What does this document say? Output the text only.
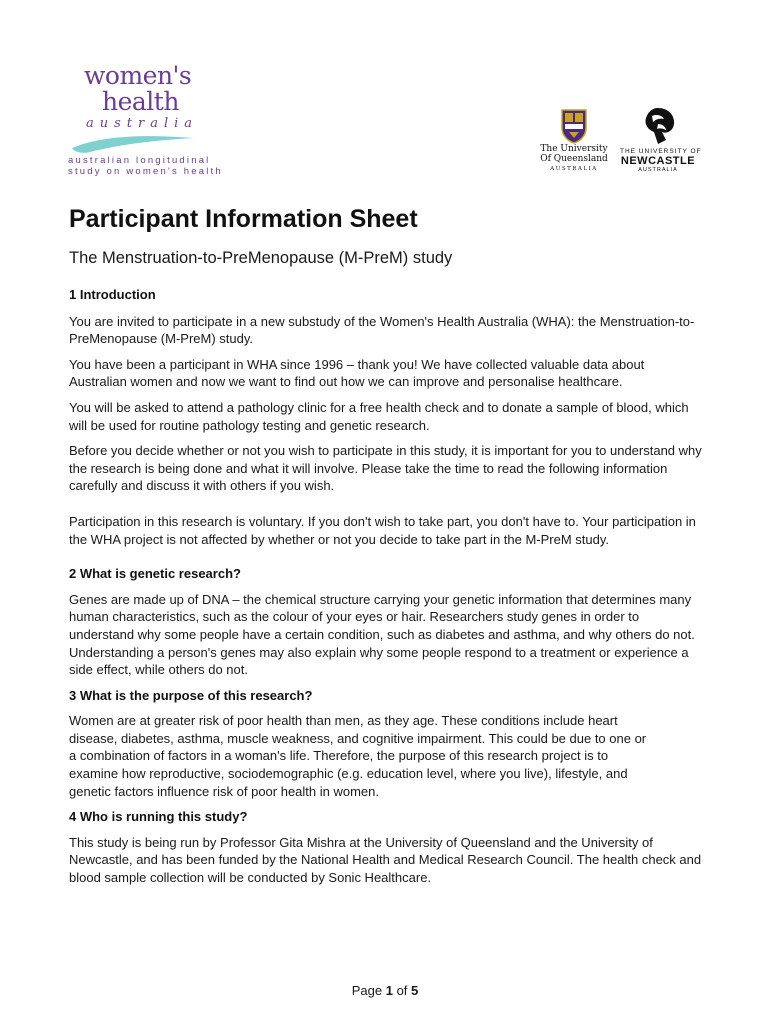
women's
health
australia
australian longitudinal
study on women's health
The University
Of Queensland
AUSTRALIA
THE UNIVERSITY OF
NEWCASTLE
AUSTRALIA
Participant Information Sheet
The Menstruation-to-PreMenopause (M-PreM) study
1 Introduction

You are invited to participate in a new substudy of the Women's Health Australia (WHA): the Menstruation-to-PreMenopause (M-PreM) study.

You have been a participant in WHA since 1996 – thank you! We have collected valuable data about Australian women and now we want to find out how we can improve and personalise healthcare.

You will be asked to attend a pathology clinic for a free health check and to donate a sample of blood, which will be used for routine pathology testing and genetic research.

Before you decide whether or not you wish to participate in this study, it is important for you to understand why the research is being done and what it will involve. Please take the time to read the following information carefully and discuss it with others if you wish.

Participation in this research is voluntary. If you don't wish to take part, you don't have to. Your participation in the WHA project is not affected by whether or not you decide to take part in the M-PreM study.

2 What is genetic research?

Genes are made up of DNA – the chemical structure carrying your genetic information that determines many human characteristics, such as the colour of your eyes or hair. Researchers study genes in order to understand why some people have a certain condition, such as diabetes and asthma, and why others do not. Understanding a person's genes may also explain why some people respond to a treatment or experience a side effect, while others do not.

3 What is the purpose of this research?

Women are at greater risk of poor health than men, as they age. These conditions include heart disease, diabetes, asthma, muscle weakness, and cognitive impairment. This could be due to one or a combination of factors in a woman's life. Therefore, the purpose of this research project is to examine how reproductive, sociodemographic (e.g. education level, where you live), lifestyle, and genetic factors influence risk of poor health in women.

4 Who is running this study?

This study is being run by Professor Gita Mishra at the University of Queensland and the University of Newcastle, and has been funded by the National Health and Medical Research Council. The health check and blood sample collection will be conducted by Sonic Healthcare.

Page 1 of 5
